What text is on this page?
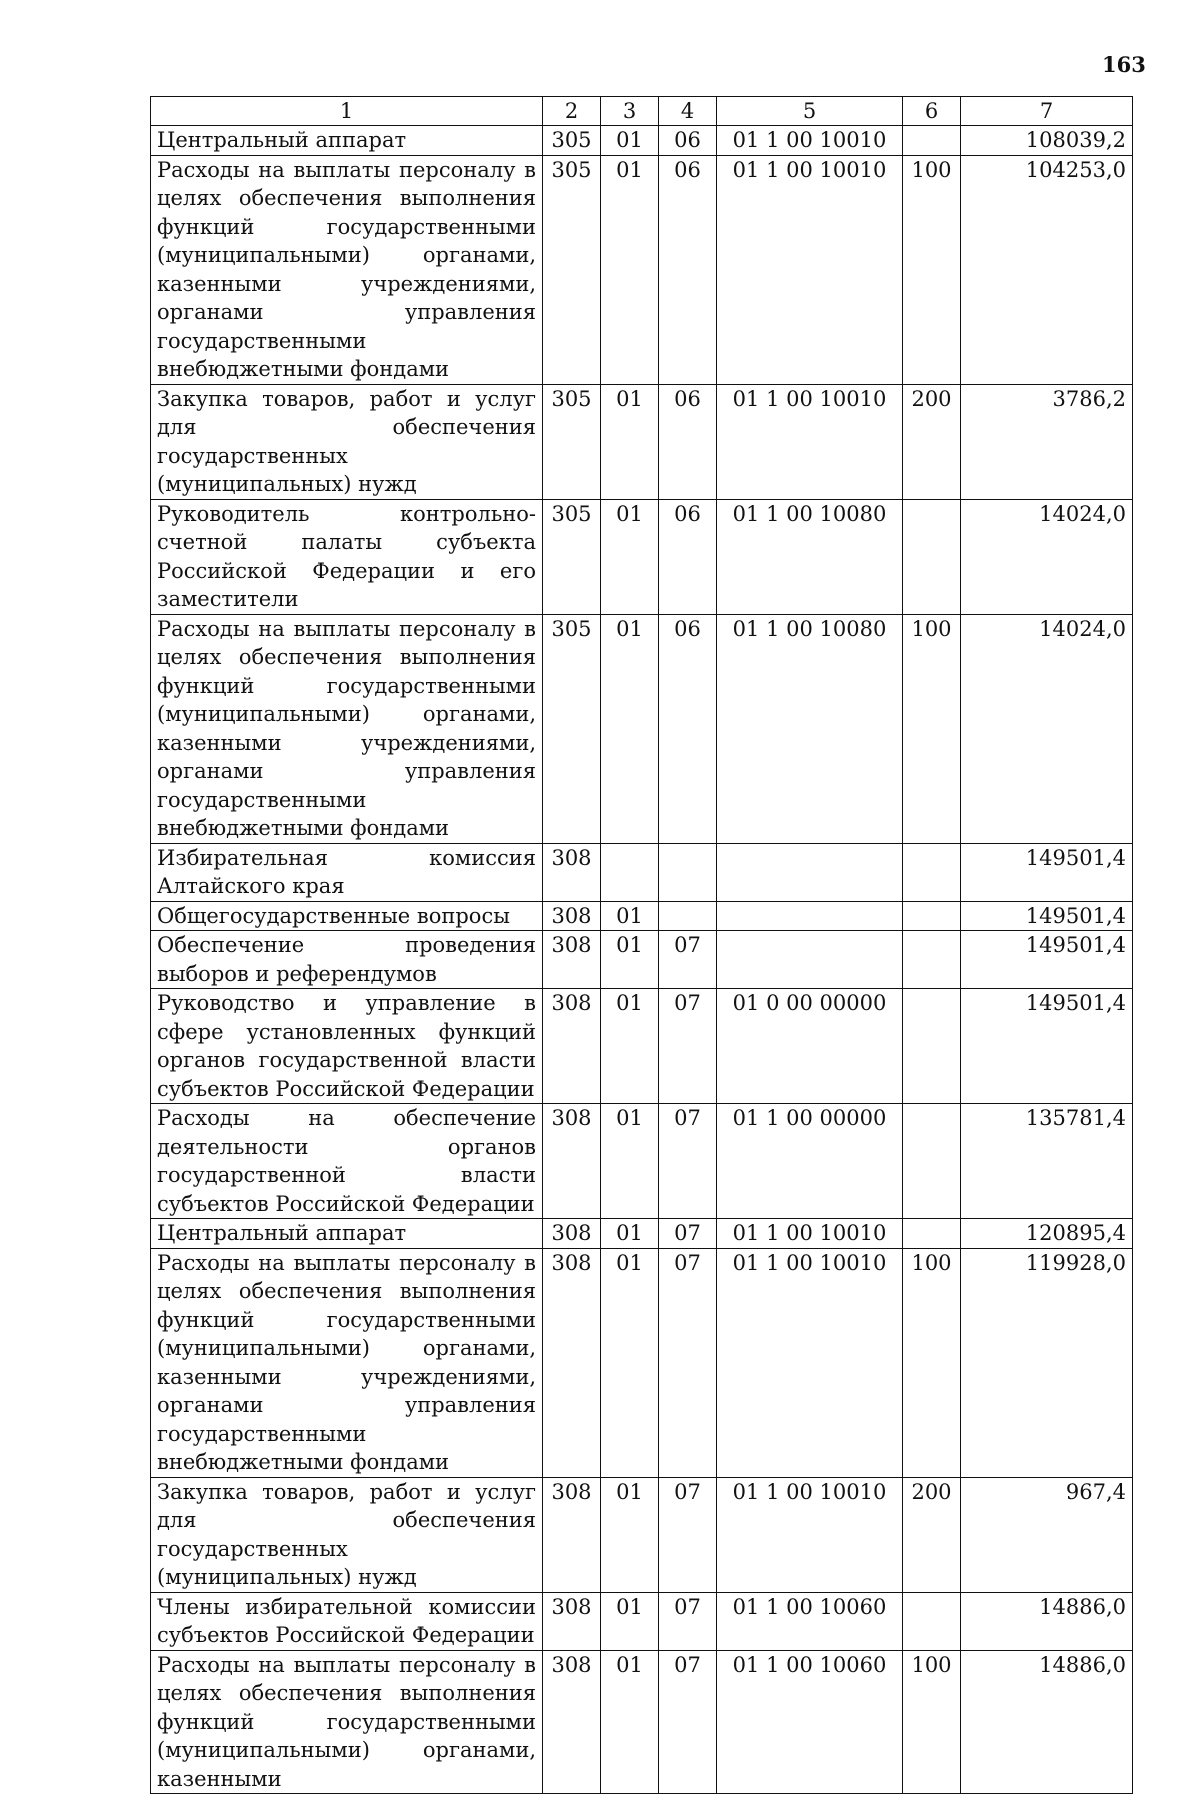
163
1	2	3	4	5	6	7
Центральный аппарат	305	01	06	01 1 00 10010		108039,2
Расходы на выплаты персоналу в целях обеспечения выполнения функций государственными (муниципальными) органами, казенными учреждениями, органами управления государственными внебюджетными фондами	305	01	06	01 1 00 10010	100	104253,0
Закупка товаров, работ и услуг для обеспечения государственных (муниципальных) нужд	305	01	06	01 1 00 10010	200	3786,2
Руководитель контрольно-счетной палаты субъекта Российской Федерации и его заместители	305	01	06	01 1 00 10080		14024,0
Расходы на выплаты персоналу в целях обеспечения выполнения функций государственными (муниципальными) органами, казенными учреждениями, органами управления государственными внебюджетными фондами	305	01	06	01 1 00 10080	100	14024,0
Избирательная комиссия Алтайского края	308					149501,4
Общегосударственные вопросы	308	01				149501,4
Обеспечение проведения выборов и референдумов	308	01	07			149501,4
Руководство и управление в сфере установленных функций органов государственной власти субъектов Российской Федерации	308	01	07	01 0 00 00000		149501,4
Расходы на обеспечение деятельности органов государственной власти субъектов Российской Федерации	308	01	07	01 1 00 00000		135781,4
Центральный аппарат	308	01	07	01 1 00 10010		120895,4
Расходы на выплаты персоналу в целях обеспечения выполнения функций государственными (муниципальными) органами, казенными учреждениями, органами управления государственными внебюджетными фондами	308	01	07	01 1 00 10010	100	119928,0
Закупка товаров, работ и услуг для обеспечения государственных (муниципальных) нужд	308	01	07	01 1 00 10010	200	967,4
Члены избирательной комиссии субъектов Российской Федерации	308	01	07	01 1 00 10060		14886,0
Расходы на выплаты персоналу в целях обеспечения выполнения функций государственными (муниципальными) органами, казенными	308	01	07	01 1 00 10060	100	14886,0
